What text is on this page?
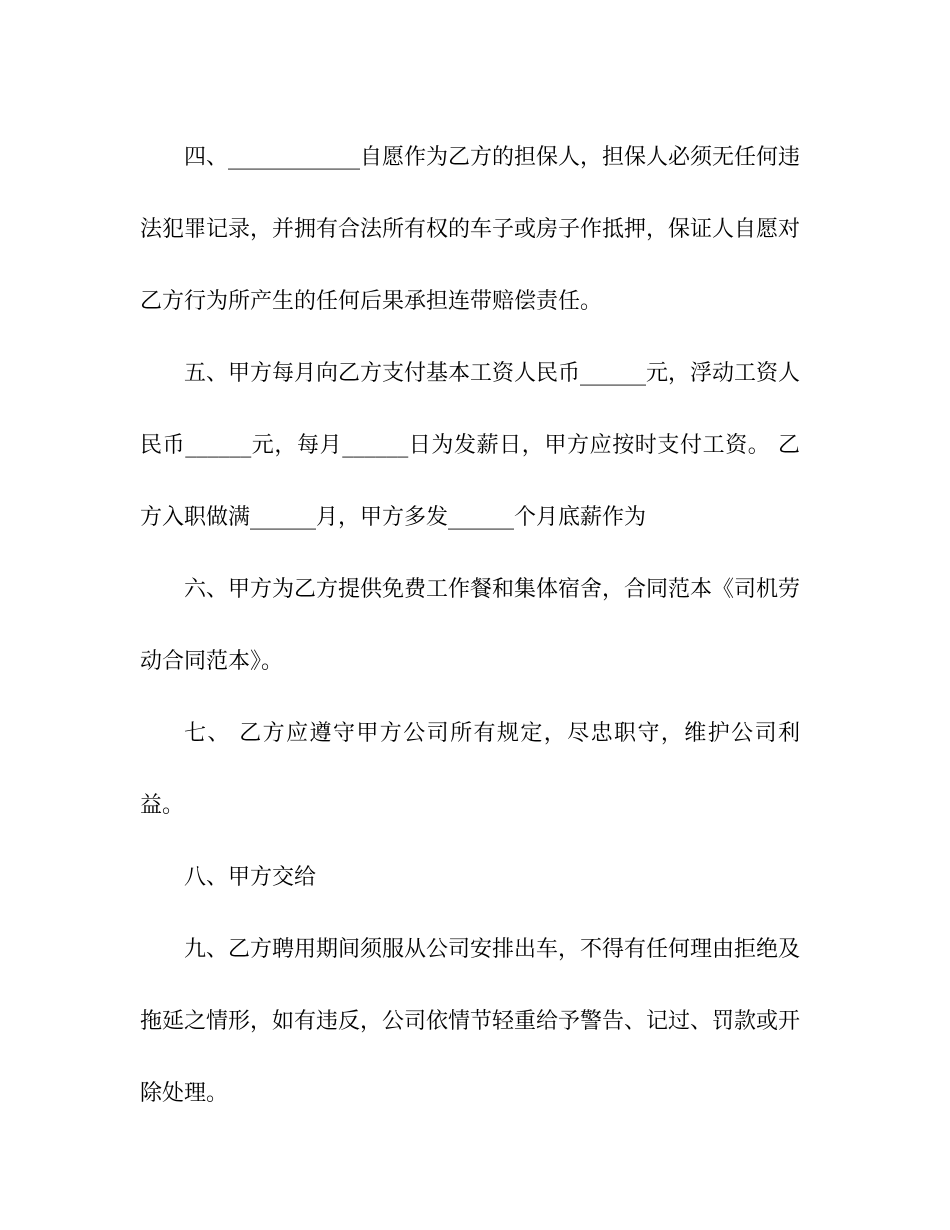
四、____________自愿作为乙方的担保人，担保人必须无任何违法犯罪记录，并拥有合法所有权的车子或房子作抵押，保证人自愿对乙方行为所产生的任何后果承担连带赔偿责任。

五、甲方每月向乙方支付基本工资人民币______元，浮动工资人民币______元，每月______日为发薪日，甲方应按时支付工资。 乙方入职做满______月，甲方多发______个月底薪作为

六、甲方为乙方提供免费工作餐和集体宿舍，合同范本《司机劳动合同范本》。

七、 乙方应遵守甲方公司所有规定，尽忠职守，维护公司利益。

八、甲方交给

九、乙方聘用期间须服从公司安排出车，不得有任何理由拒绝及拖延之情形，如有违反，公司依情节轻重给予警告、记过、罚款或开除处理。
